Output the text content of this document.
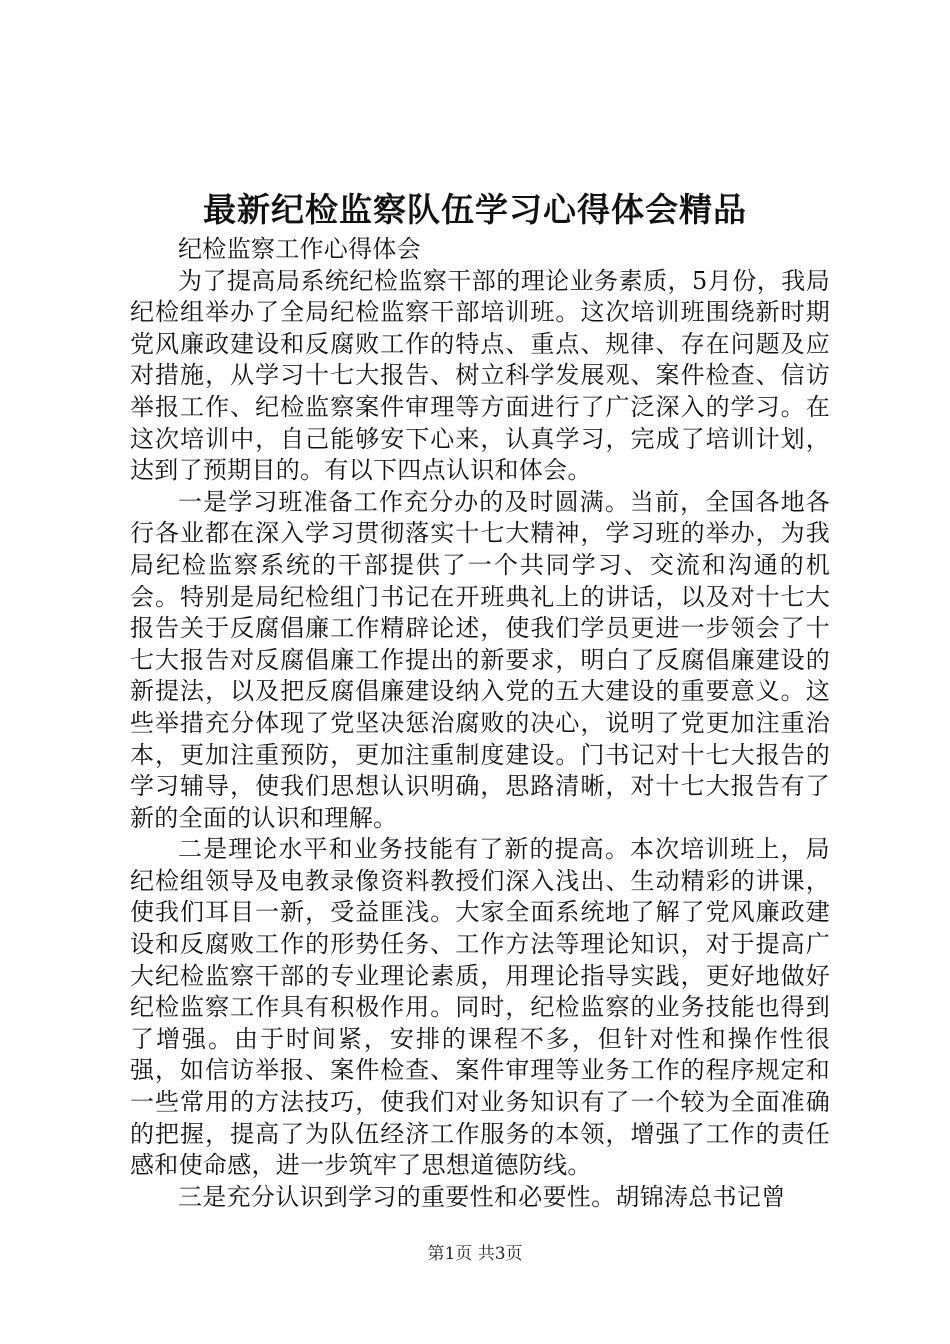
最新纪检监察队伍学习心得体会精品

纪检监察工作心得体会

为了提高局系统纪检监察干部的理论业务素质，5月份，我局纪检组举办了全局纪检监察干部培训班。这次培训班围绕新时期党风廉政建设和反腐败工作的特点、重点、规律、存在问题及应对措施，从学习十七大报告、树立科学发展观、案件检查、信访举报工作、纪检监察案件审理等方面进行了广泛深入的学习。在这次培训中，自己能够安下心来，认真学习，完成了培训计划，达到了预期目的。有以下四点认识和体会。

一是学习班准备工作充分办的及时圆满。当前，全国各地各行各业都在深入学习贯彻落实十七大精神，学习班的举办，为我局纪检监察系统的干部提供了一个共同学习、交流和沟通的机会。特别是局纪检组门书记在开班典礼上的讲话，以及对十七大报告关于反腐倡廉工作精辟论述，使我们学员更进一步领会了十七大报告对反腐倡廉工作提出的新要求，明白了反腐倡廉建设的新提法，以及把反腐倡廉建设纳入党的五大建设的重要意义。这些举措充分体现了党坚决惩治腐败的决心，说明了党更加注重治本，更加注重预防，更加注重制度建设。门书记对十七大报告的学习辅导，使我们思想认识明确，思路清晰，对十七大报告有了新的全面的认识和理解。

二是理论水平和业务技能有了新的提高。本次培训班上，局纪检组领导及电教录像资料教授们深入浅出、生动精彩的讲课，使我们耳目一新，受益匪浅。大家全面系统地了解了党风廉政建设和反腐败工作的形势任务、工作方法等理论知识，对于提高广大纪检监察干部的专业理论素质，用理论指导实践，更好地做好纪检监察工作具有积极作用。同时，纪检监察的业务技能也得到了增强。由于时间紧，安排的课程不多，但针对性和操作性很强，如信访举报、案件检查、案件审理等业务工作的程序规定和一些常用的方法技巧，使我们对业务知识有了一个较为全面准确的把握，提高了为队伍经济工作服务的本领，增强了工作的责任感和使命感，进一步筑牢了思想道德防线。

三是充分认识到学习的重要性和必要性。胡锦涛总书记曾

第1页 共3页
